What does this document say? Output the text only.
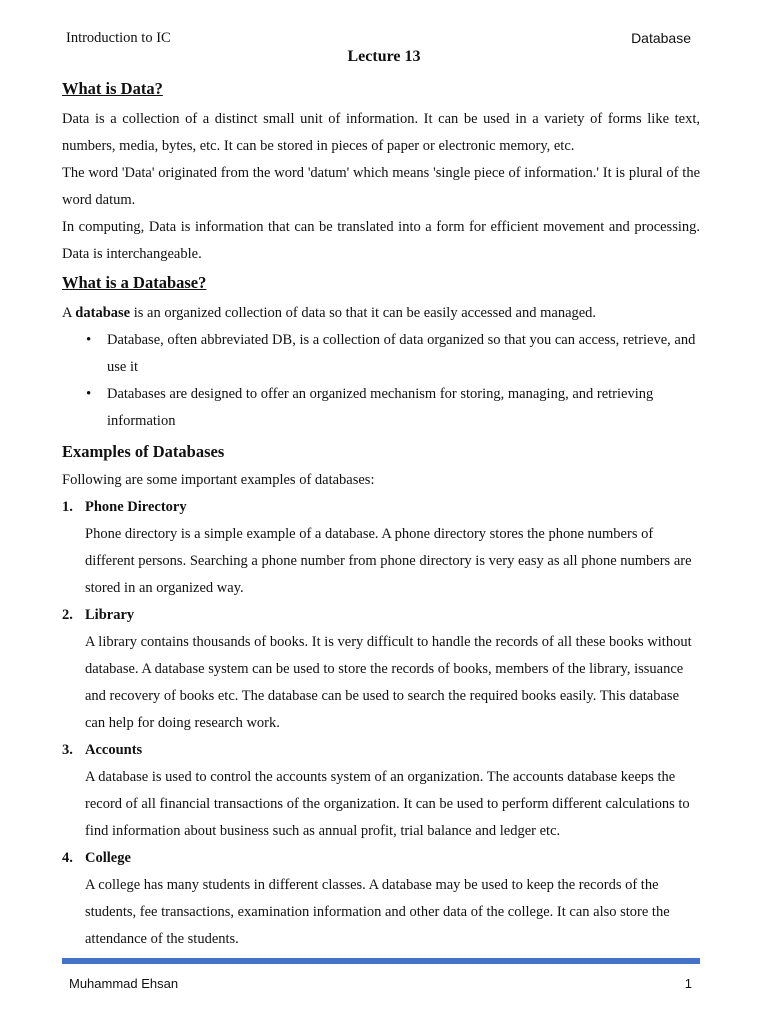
Introduction to IC	Database
Lecture 13
What is Data?

Data is a collection of a distinct small unit of information. It can be used in a variety of forms like text, numbers, media, bytes, etc. It can be stored in pieces of paper or electronic memory, etc.

The word 'Data' originated from the word 'datum' which means 'single piece of information.' It is plural of the word datum.

In computing, Data is information that can be translated into a form for efficient movement and processing. Data is interchangeable.

What is a Database?

A database is an organized collection of data so that it can be easily accessed and managed.

• Database, often abbreviated DB, is a collection of data organized so that you can access, retrieve, and use it
• Databases are designed to offer an organized mechanism for storing, managing, and retrieving information
Examples of Databases

Following are some important examples of databases:

1. Phone Directory
Phone directory is a simple example of a database. A phone directory stores the phone numbers of different persons. Searching a phone number from phone directory is very easy as all phone numbers are stored in an organized way.
2. Library
A library contains thousands of books. It is very difficult to handle the records of all these books without database. A database system can be used to store the records of books, members of the library, issuance and recovery of books etc. The database can be used to search the required books easily. This database can help for doing research work.
3. Accounts
A database is used to control the accounts system of an organization. The accounts database keeps the record of all financial transactions of the organization. It can be used to perform different calculations to find information about business such as annual profit, trial balance and ledger etc.
4. College
A college has many students in different classes. A database may be used to keep the records of the students, fee transactions, examination information and other data of the college. It can also store the attendance of the students.
Muhammad Ehsan	1
